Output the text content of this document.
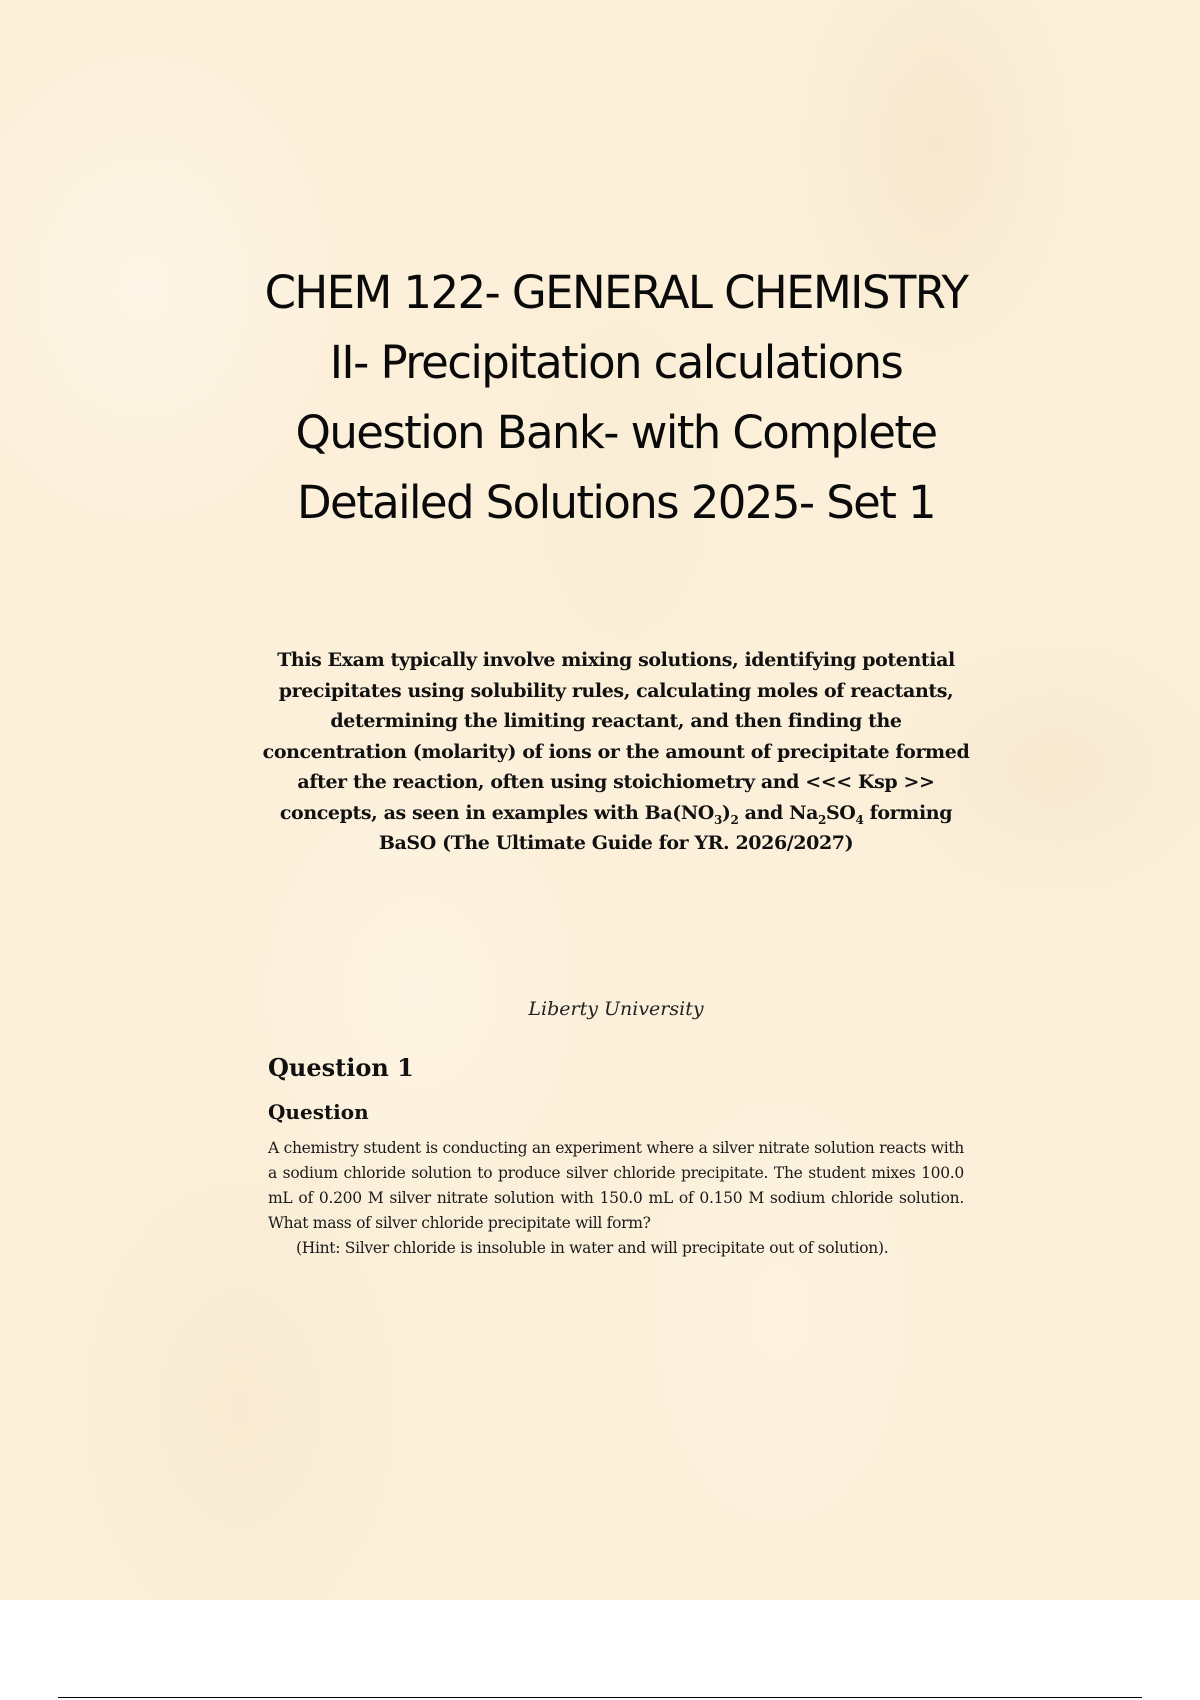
CHEM 122- GENERAL CHEMISTRY II- Precipitation calculations Question Bank- with Complete Detailed Solutions 2025- Set 1

This Exam typically involve mixing solutions, identifying potential precipitates using solubility rules, calculating moles of reactants, determining the limiting reactant, and then finding the concentration (molarity) of ions or the amount of precipitate formed after the reaction, often using stoichiometry and <<< Ksp >> concepts, as seen in examples with $Ba(NO_3)_2$ and $Na_2SO_4$ forming BaSO (The Ultimate Guide for YR. 2026/2027)

Liberty University

Question 1
Question

A chemistry student is conducting an experiment where a silver nitrate solution reacts with a sodium chloride solution to produce silver chloride precipitate. The student mixes 100.0 mL of 0.200 M silver nitrate solution with 150.0 mL of 0.150 M sodium chloride solution. What mass of silver chloride precipitate will form?

(Hint: Silver chloride is insoluble in water and will precipitate out of solution).
